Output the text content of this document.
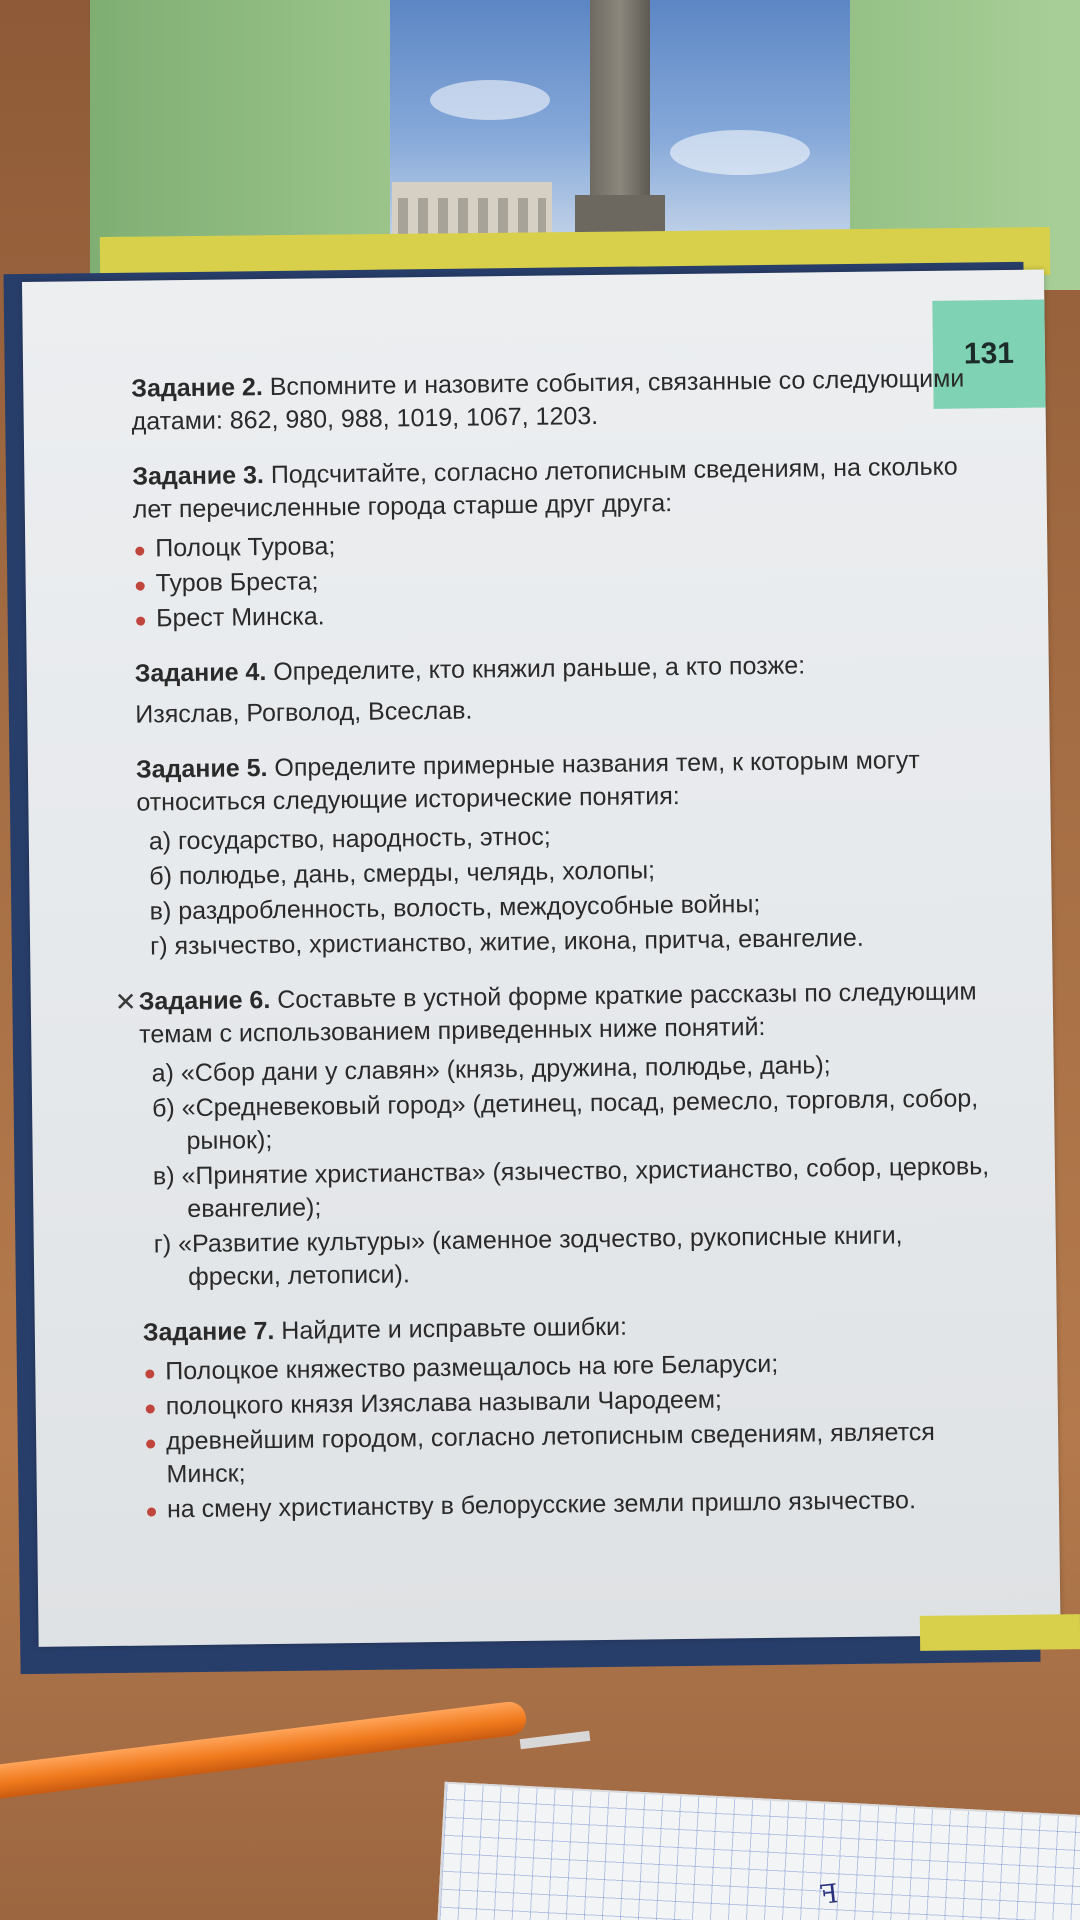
131

Задание 2. Вспомните и назовите события, связанные со следующими датами: 862, 980, 988, 1019, 1067, 1203.

Задание 3. Подсчитайте, согласно летописным сведениям, на сколько лет перечисленные города старше друг друга:

Полоцк Турова;
Туров Бреста;
Брест Минска.

Задание 4. Определите, кто княжил раньше, а кто позже:

Изяслав, Рогволод, Всеслав.

Задание 5. Определите примерные названия тем, к которым могут относиться следующие исторические понятия:

а) государство, народность, этнос;
б) полюдье, дань, смерды, челядь, холопы;
в) раздробленность, волость, междоусобные войны;
г) язычество, христианство, житие, икона, притча, евангелие.
✕ Задание 6. Составьте в устной форме краткие рассказы по следующим темам с использованием приведенных ниже понятий:

а) «Сбор дани у славян» (князь, дружина, полюдье, дань);
б) «Средневековый город» (детинец, посад, ремесло, торговля, собор, рынок);
в) «Принятие христианства» (язычество, христианство, собор, церковь, евангелие);
г) «Развитие культуры» (каменное зодчество, рукописные книги, фрески, летописи).

Задание 7. Найдите и исправьте ошибки:

Полоцкое княжество размещалось на юге Беларуси;
полоцкого князя Изяслава называли Чародеем;
древнейшим городом, согласно летописным сведениям, является Минск;
на смену христианству в белорусские земли пришло язычество.
ꟻ
